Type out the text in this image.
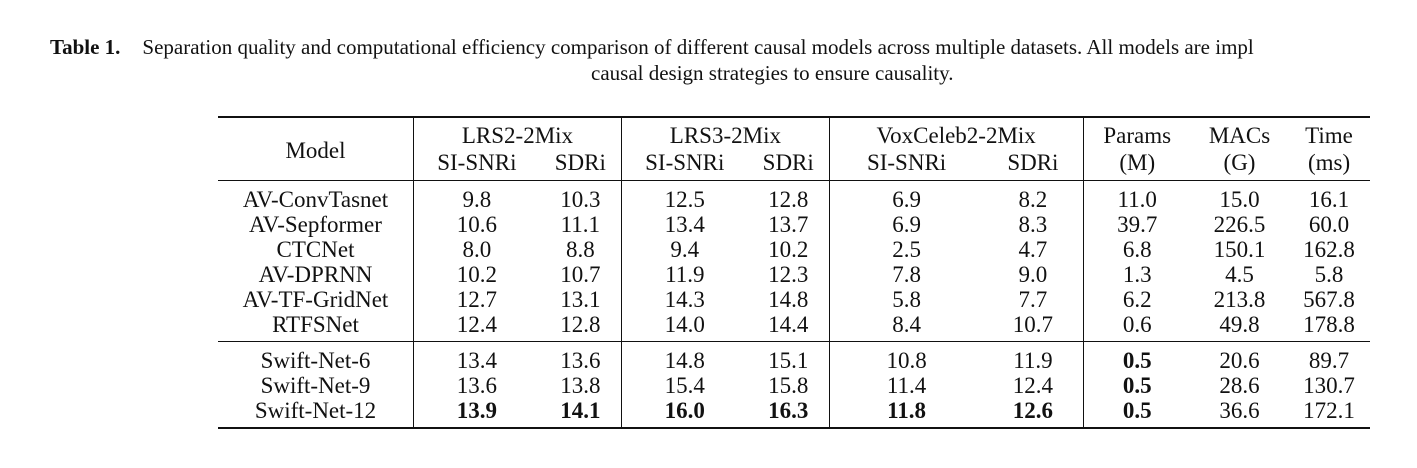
Table 1. Separation quality and computational efficiency comparison of different causal models across multiple datasets. All models are impl
causal design strategies to ensure causality.
Model	LRS2-2Mix		LRS3-2Mix		VoxCeleb2-2Mix		Params	MACs	Time
	SI-SNRi	SDRi	SI-SNRi	SDRi	SI-SNRi	SDRi	(M)	(G)	(ms)
AV-ConvTasnet	9.8	10.3	12.5	12.8	6.9	8.2	11.0	15.0	16.1
AV-Sepformer	10.6	11.1	13.4	13.7	6.9	8.3	39.7	226.5	60.0
CTCNet	8.0	8.8	9.4	10.2	2.5	4.7	6.8	150.1	162.8
AV-DPRNN	10.2	10.7	11.9	12.3	7.8	9.0	1.3	4.5	5.8
AV-TF-GridNet	12.7	13.1	14.3	14.8	5.8	7.7	6.2	213.8	567.8
RTFSNet	12.4	12.8	14.0	14.4	8.4	10.7	0.6	49.8	178.8
Swift-Net-6	13.4	13.6	14.8	15.1	10.8	11.9	0.5	20.6	89.7
Swift-Net-9	13.6	13.8	15.4	15.8	11.4	12.4	0.5	28.6	130.7
Swift-Net-12	13.9	14.1	16.0	16.3	11.8	12.6	0.5	36.6	172.1
